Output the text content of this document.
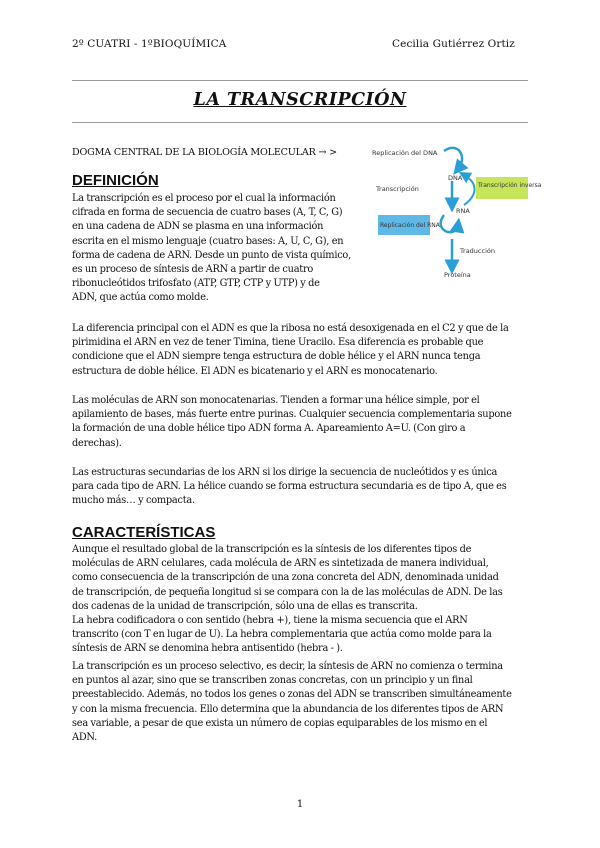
2º CUATRI - 1ºBIOQUÍMICA	Cecilia Gutiérrez Ortiz
LA TRANSCRIPCIÓN
DOGMA CENTRAL DE LA BIOLOGÍA MOLECULAR → >	Replicación del DNA
DNA
Transcripción	Transcripción inversa
Replicación del RNA
RNA
Traducción
Proteína
DEFINICIÓN
La transcripción es el proceso por el cual la información
cifrada en forma de secuencia de cuatro bases (A, T, C, G)
en una cadena de ADN se plasma en una información
escrita en el mismo lenguaje (cuatro bases: A, U, C, G), en
forma de cadena de ARN. Desde un punto de vista químico,
es un proceso de síntesis de ARN a partir de cuatro
ribonucleótidos trifosfato (ATP, GTP, CTP y UTP) y de
ADN, que actúa como molde.
La diferencia principal con el ADN es que la ribosa no está desoxigenada en el C2 y que de la
pirimidina el ARN en vez de tener Timina, tiene Uracilo. Esa diferencia es probable que
condicione que el ADN siempre tenga estructura de doble hélice y el ARN nunca tenga
estructura de doble hélice. El ADN es bicatenario y el ARN es monocatenario.
Las moléculas de ARN son monocatenarias. Tienden a formar una hélice simple, por el
apilamiento de bases, más fuerte entre purinas. Cualquier secuencia complementaria supone
la formación de una doble hélice tipo ADN forma A. Apareamiento A=U. (Con giro a
derechas).
Las estructuras secundarias de los ARN si los dirige la secuencia de nucleótidos y es única
para cada tipo de ARN. La hélice cuando se forma estructura secundaria es de tipo A, que es
mucho más… y compacta.
CARACTERÍSTICAS
Aunque el resultado global de la transcripción es la síntesis de los diferentes tipos de
moléculas de ARN celulares, cada molécula de ARN es sintetizada de manera individual,
como consecuencia de la transcripción de una zona concreta del ADN, denominada unidad
de transcripción, de pequeña longitud si se compara con la de las moléculas de ADN. De las
dos cadenas de la unidad de transcripción, sólo una de ellas es transcrita.
La hebra codificadora o con sentido (hebra +), tiene la misma secuencia que el ARN
transcrito (con T en lugar de U). La hebra complementaria que actúa como molde para la
síntesis de ARN se denomina hebra antisentido (hebra - ).
La transcripción es un proceso selectivo, es decir, la síntesis de ARN no comienza o termina
en puntos al azar, sino que se transcriben zonas concretas, con un principio y un final
preestablecido. Además, no todos los genes o zonas del ADN se transcriben simultáneamente
y con la misma frecuencia. Ello determina que la abundancia de los diferentes tipos de ARN
sea variable, a pesar de que exista un número de copias equiparables de los mismo en el
ADN.
1
